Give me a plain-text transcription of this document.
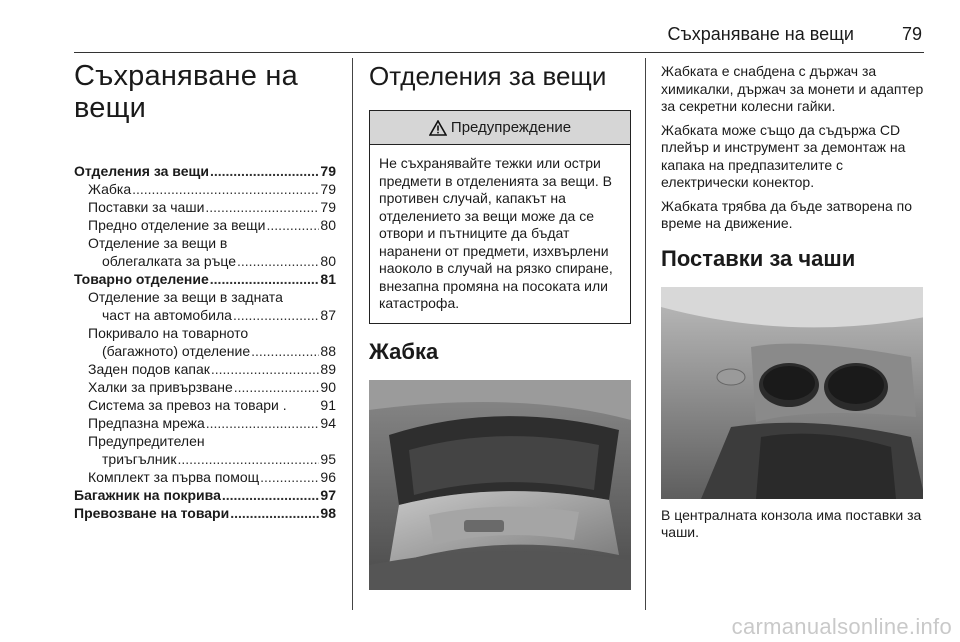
Съхраняване на вещи	79
Съхраняване на
вещи
Отделения за вещи .....	79
Жабка .....	79
Поставки за чаши .....	79
Предно отделение за вещи .....	80
Отделение за вещи в
облегалката за ръце .....	80
Товарно отделение .....	81
Отделение за вещи в задната
част на автомобила .....	87
Покривало на товарното
(багажното) отделение .....	88
Заден подов капак .....	89
Халки за привързване .....	90
Система за превоз на товари . 91
Предпазна мрежа .....	94
Предупредителен
триъгълник .....	95
Комплект за първа помощ .....	96
Багажник на покрива .....	97
Превозване на товари .....	98
Отделения за вещи
Предупреждение
Не съхранявайте тежки или остри предмети в отделенията за вещи. В противен случай, капакът на отделението за вещи може да се отвори и пътниците да бъдат наранени от предмети, изхвърлени наоколо в случай на рязко спиране, внезапна промяна на посоката или катастрофа.
Жабка

Жабката е снабдена с държач за химикалки, държач за монети и адаптер за секретни колесни гайки.

Жабката може също да съдържа CD плейър и инструмент за демонтаж на капака на предпазителите с електрически конектор.

Жабката трябва да бъде затворена по време на движение.

Поставки за чаши

В централната конзола има поставки за чаши.

carmanualsonline.info
